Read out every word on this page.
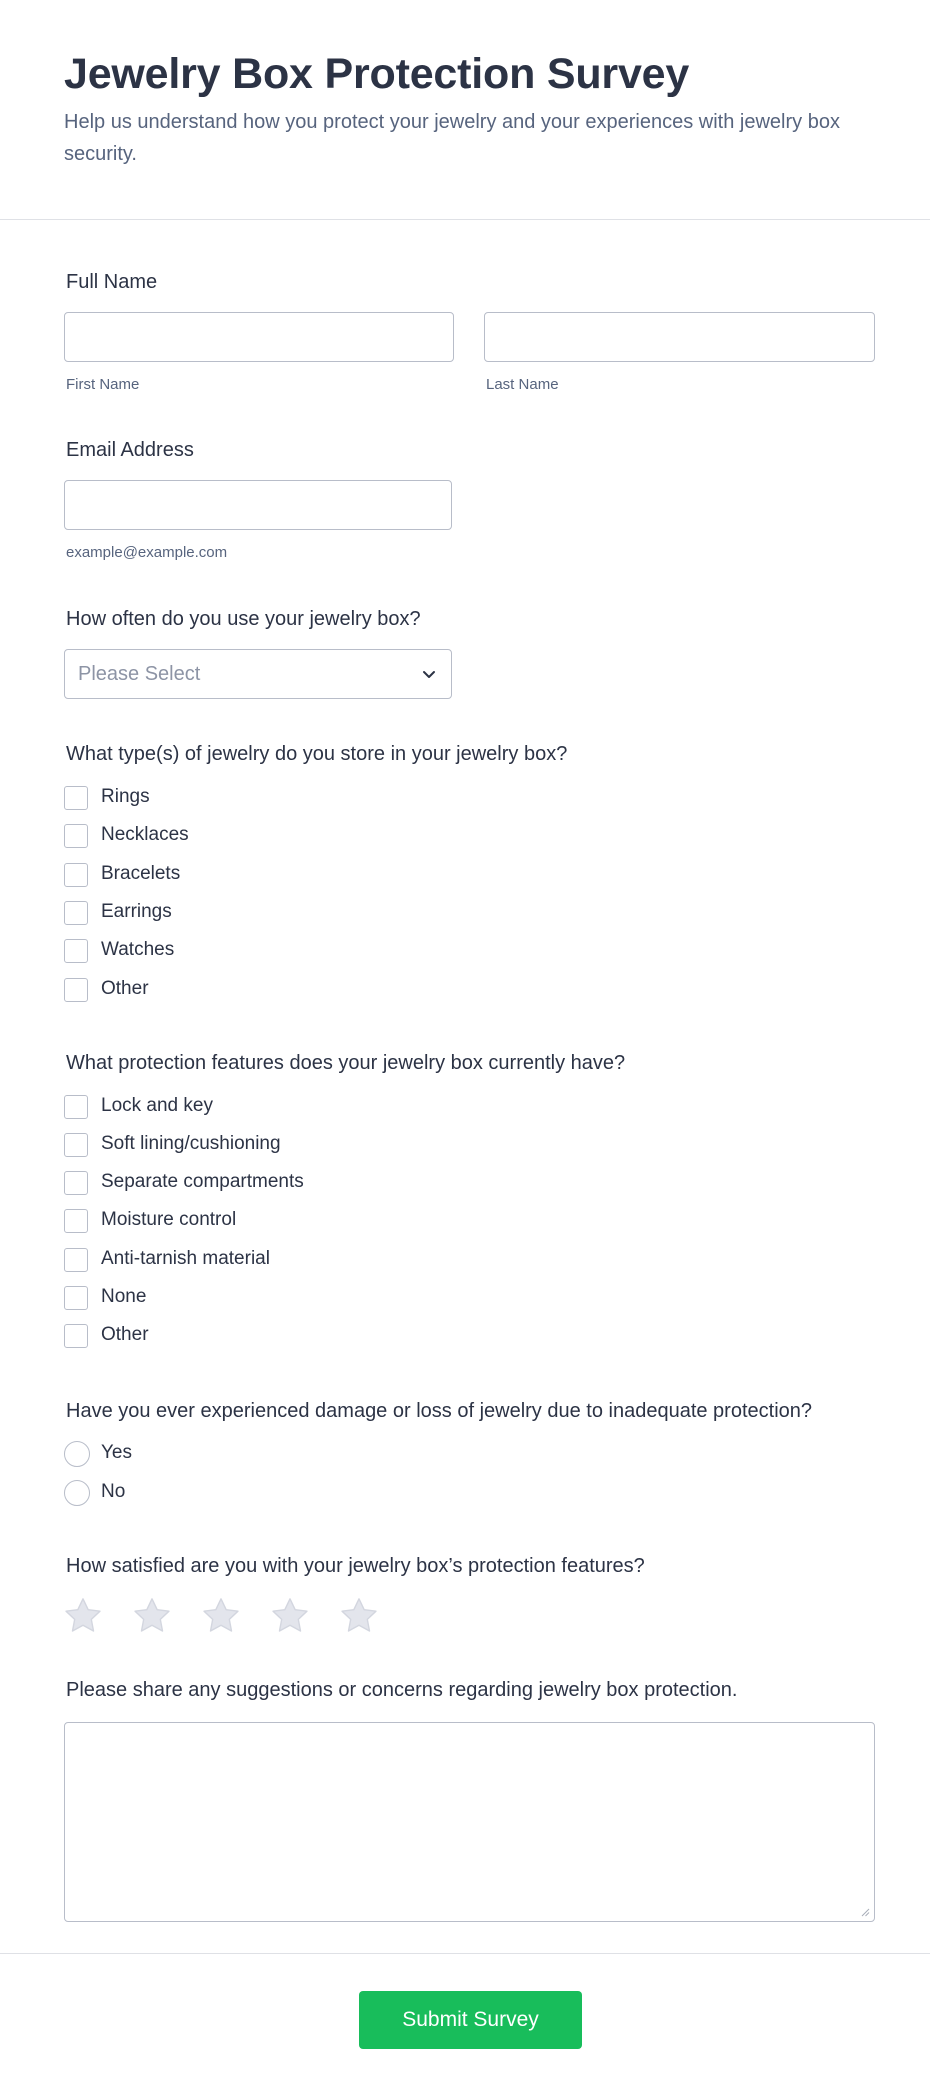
Jewelry Box Protection Survey

Help us understand how you protect your jewelry and your experiences with jewelry box security.

Full Name
First Name	Last Name
Email Address
example@example.com
How often do you use your jewelry box?
Please Select
What type(s) of jewelry do you store in your jewelry box?
Rings
Necklaces
Bracelets
Earrings
Watches
Other
What protection features does your jewelry box currently have?
Lock and key
Soft lining/cushioning
Separate compartments
Moisture control
Anti-tarnish material
None
Other
Have you ever experienced damage or loss of jewelry due to inadequate protection?
Yes
No
How satisfied are you with your jewelry box’s protection features?
Please share any suggestions or concerns regarding jewelry box protection.
Submit Survey
